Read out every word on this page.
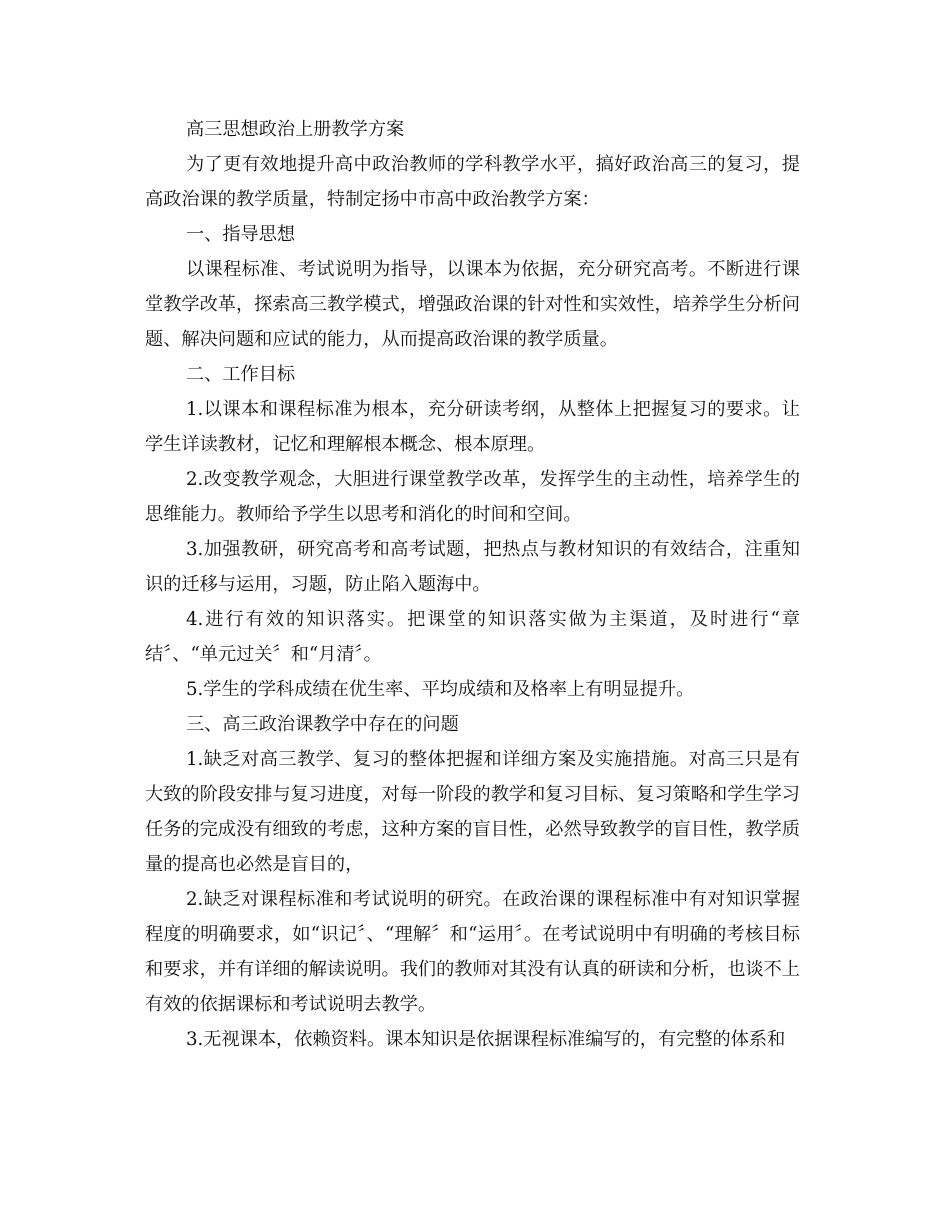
高三思想政治上册教学方案

为了更有效地提升高中政治教师的学科教学水平，搞好政治高三的复习，提高政治课的教学质量，特制定扬中市高中政治教学方案：

一、指导思想

以课程标准、考试说明为指导，以课本为依据，充分研究高考。不断进行课堂教学改革，探索高三教学模式，增强政治课的针对性和实效性，培养学生分析问题、解决问题和应试的能力，从而提高政治课的教学质量。

二、工作目标

1.以课本和课程标准为根本，充分研读考纲，从整体上把握复习的要求。让学生详读教材，记忆和理解根本概念、根本原理。

2.改变教学观念，大胆进行课堂教学改革，发挥学生的主动性，培养学生的思维能力。教师给予学生以思考和消化的时间和空间。

3.加强教研，研究高考和高考试题，把热点与教材知识的有效结合，注重知识的迁移与运用，习题，防止陷入题海中。

4.进行有效的知识落实。把课堂的知识落实做为主渠道，及时进行“章结〞、“单元过关〞和“月清〞。

5.学生的学科成绩在优生率、平均成绩和及格率上有明显提升。

三、高三政治课教学中存在的问题

1.缺乏对高三教学、复习的整体把握和详细方案及实施措施。对高三只是有大致的阶段安排与复习进度，对每一阶段的教学和复习目标、复习策略和学生学习任务的完成没有细致的考虑，这种方案的盲目性，必然导致教学的盲目性，教学质量的提高也必然是盲目的，

2.缺乏对课程标准和考试说明的研究。在政治课的课程标准中有对知识掌握程度的明确要求，如“识记〞、“理解〞和“运用〞。在考试说明中有明确的考核目标和要求，并有详细的解读说明。我们的教师对其没有认真的研读和分析，也谈不上有效的依据课标和考试说明去教学。

3.无视课本，依赖资料。课本知识是依据课程标准编写的，有完整的体系和
